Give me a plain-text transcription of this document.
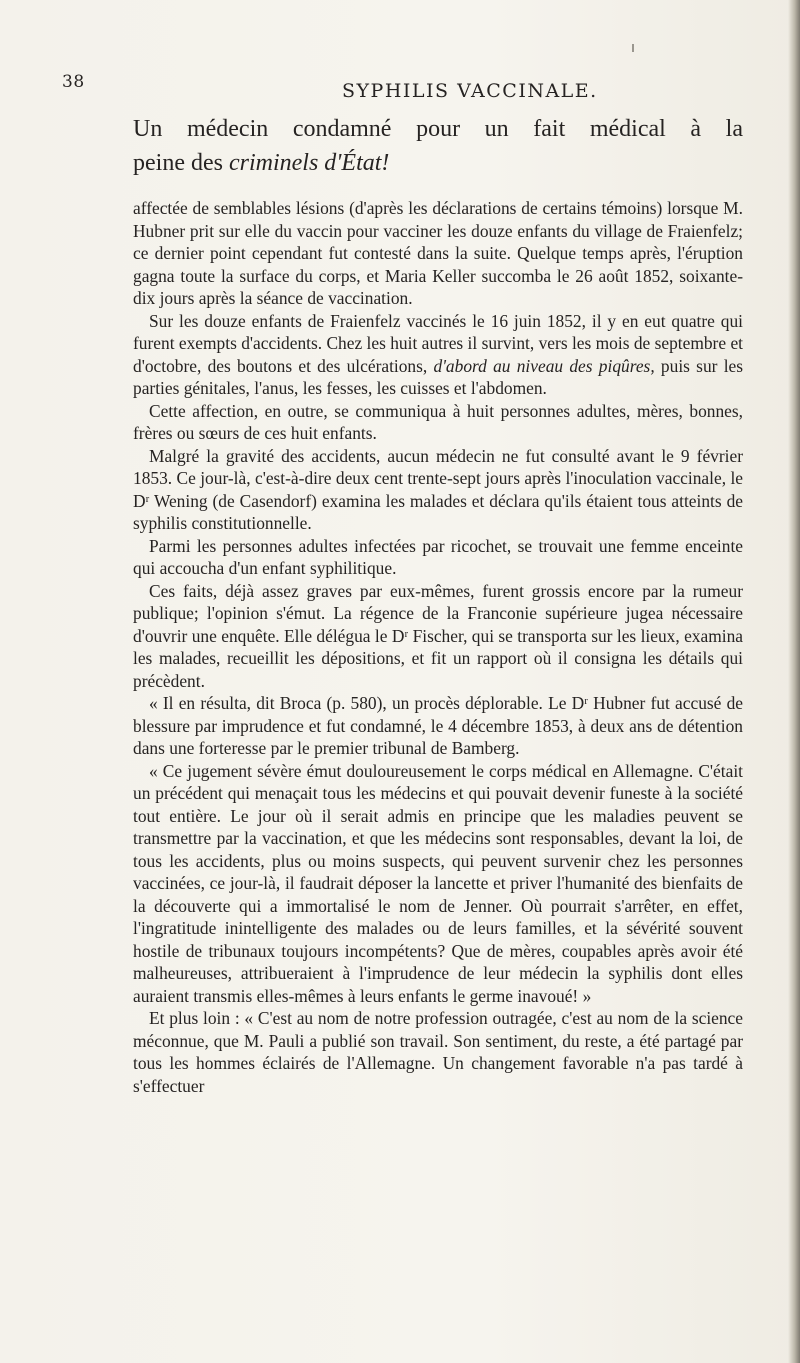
38	SYPHILIS VACCINALE.
Un médecin condamné pour un fait médical à la
peine des criminels d'État!

affectée de semblables lésions (d'après les déclarations de certains témoins) lorsque M. Hubner prit sur elle du vaccin pour vacciner les douze enfants du village de Fraienfelz; ce dernier point cependant fut contesté dans la suite. Quelque temps après, l'éruption gagna toute la surface du corps, et Maria Keller succomba le 26 août 1852, soixante-dix jours après la séance de vaccination.

Sur les douze enfants de Fraienfelz vaccinés le 16 juin 1852, il y en eut quatre qui furent exempts d'accidents. Chez les huit autres il survint, vers les mois de septembre et d'octobre, des boutons et des ulcérations, d'abord au niveau des piqûres, puis sur les parties génitales, l'anus, les fesses, les cuisses et l'abdomen.

Cette affection, en outre, se communiqua à huit personnes adultes, mères, bonnes, frères ou sœurs de ces huit enfants.

Malgré la gravité des accidents, aucun médecin ne fut consulté avant le 9 février 1853. Ce jour-là, c'est-à-dire deux cent trente-sept jours après l'inoculation vaccinale, le Dʳ Wening (de Casendorf) examina les malades et déclara qu'ils étaient tous atteints de syphilis constitutionnelle.

Parmi les personnes adultes infectées par ricochet, se trouvait une femme enceinte qui accoucha d'un enfant syphilitique.

Ces faits, déjà assez graves par eux-mêmes, furent grossis encore par la rumeur publique; l'opinion s'émut. La régence de la Franconie supérieure jugea nécessaire d'ouvrir une enquête. Elle délégua le Dʳ Fischer, qui se transporta sur les lieux, examina les malades, recueillit les dépositions, et fit un rapport où il consigna les détails qui précèdent.

« Il en résulta, dit Broca (p. 580), un procès déplorable. Le Dʳ Hubner fut accusé de blessure par imprudence et fut condamné, le 4 décembre 1853, à deux ans de détention dans une forteresse par le premier tribunal de Bamberg.

« Ce jugement sévère émut douloureusement le corps médical en Allemagne. C'était un précédent qui menaçait tous les médecins et qui pouvait devenir funeste à la société tout entière. Le jour où il serait admis en principe que les maladies peuvent se transmettre par la vaccination, et que les médecins sont responsables, devant la loi, de tous les accidents, plus ou moins suspects, qui peuvent survenir chez les personnes vaccinées, ce jour-là, il faudrait déposer la lancette et priver l'humanité des bienfaits de la découverte qui a immortalisé le nom de Jenner. Où pourrait s'arrêter, en effet, l'ingratitude inintelligente des malades ou de leurs familles, et la sévérité souvent hostile de tribunaux toujours incompétents? Que de mères, coupables après avoir été malheureuses, attribueraient à l'imprudence de leur médecin la syphilis dont elles auraient transmis elles-mêmes à leurs enfants le germe inavoué! »

Et plus loin : « C'est au nom de notre profession outragée, c'est au nom de la science méconnue, que M. Pauli a publié son travail. Son sentiment, du reste, a été partagé par tous les hommes éclairés de l'Allemagne. Un changement favorable n'a pas tardé à s'effectuer
